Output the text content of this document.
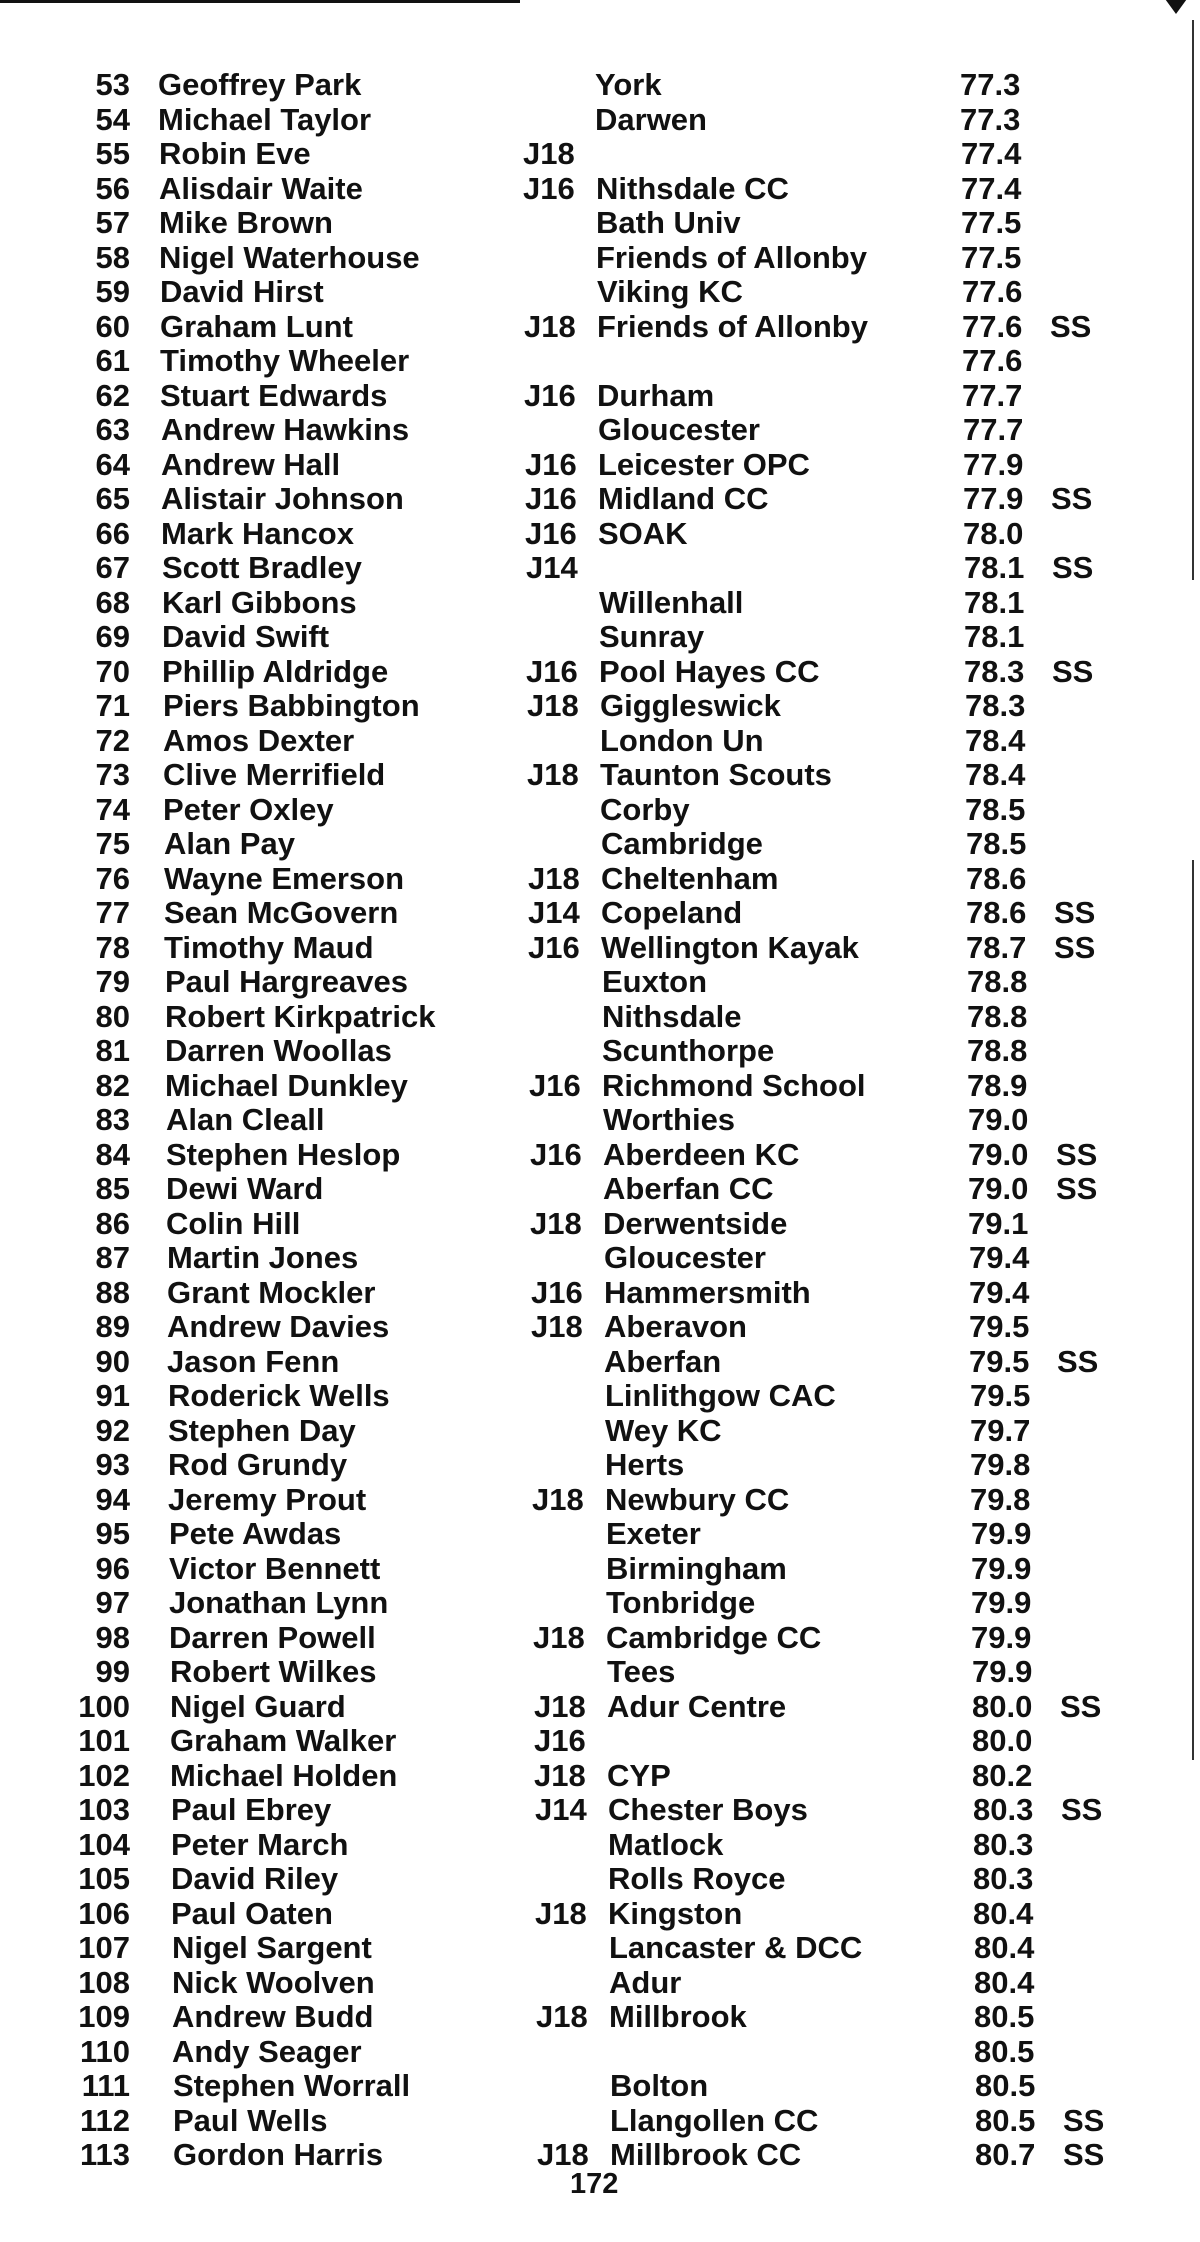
53 Geoffrey Park	York	77.3
54 Michael Taylor	Darwen	77.3
55 Robin Eve	J18	77.4
56 Alisdair Waite	J16 Nithsdale CC	77.4
57 Mike Brown	Bath Univ	77.5
58 Nigel Waterhouse	Friends of Allonby	77.5
59 David Hirst	Viking KC	77.6
60 Graham Lunt	J18 Friends of Allonby	77.6 SS
61 Timothy Wheeler	77.6
62 Stuart Edwards	J16 Durham	77.7
63 Andrew Hawkins	Gloucester	77.7
64 Andrew Hall	J16 Leicester OPC	77.9
65 Alistair Johnson	J16 Midland CC	77.9 SS
66 Mark Hancox	J16 SOAK	78.0
67 Scott Bradley	J14	78.1 SS
68 Karl Gibbons	Willenhall	78.1
69 David Swift	Sunray	78.1
70 Phillip Aldridge	J16 Pool Hayes CC	78.3 SS
71 Piers Babbington	J18 Giggleswick	78.3
72 Amos Dexter	London Un	78.4
73 Clive Merrifield	J18 Taunton Scouts	78.4
74 Peter Oxley	Corby	78.5
75 Alan Pay	Cambridge	78.5
76 Wayne Emerson	J18 Cheltenham	78.6
77 Sean McGovern	J14 Copeland	78.6 SS
78 Timothy Maud	J16 Wellington Kayak	78.7 SS
79 Paul Hargreaves	Euxton	78.8
80 Robert Kirkpatrick	Nithsdale	78.8
81 Darren Woollas	Scunthorpe	78.8
82 Michael Dunkley	J16 Richmond School	78.9
83 Alan Cleall	Worthies	79.0
84 Stephen Heslop	J16 Aberdeen KC	79.0 SS
85 Dewi Ward	Aberfan CC	79.0 SS
86 Colin Hill	J18 Derwentside	79.1
87 Martin Jones	Gloucester	79.4
88 Grant Mockler	J16 Hammersmith	79.4
89 Andrew Davies	J18 Aberavon	79.5
90 Jason Fenn	Aberfan	79.5 SS
91 Roderick Wells	Linlithgow CAC	79.5
92 Stephen Day	Wey KC	79.7
93 Rod Grundy	Herts	79.8
94 Jeremy Prout	J18 Newbury CC	79.8
95 Pete Awdas	Exeter	79.9
96 Victor Bennett	Birmingham	79.9
97 Jonathan Lynn	Tonbridge	79.9
98 Darren Powell	J18 Cambridge CC	79.9
99 Robert Wilkes	Tees	79.9
100 Nigel Guard	J18 Adur Centre	80.0 SS
101 Graham Walker	J16	80.0
102 Michael Holden	J18 CYP	80.2
103 Paul Ebrey	J14 Chester Boys	80.3 SS
104 Peter March	Matlock	80.3
105 David Riley	Rolls Royce	80.3
106 Paul Oaten	J18 Kingston	80.4
107 Nigel Sargent	Lancaster & DCC	80.4
108 Nick Woolven	Adur	80.4
109 Andrew Budd	J18 Millbrook	80.5
110 Andy Seager	80.5
111 Stephen Worrall	Bolton	80.5
112 Paul Wells	Llangollen CC	80.5 SS
113 Gordon Harris	J18 Millbrook CC	80.7 SS
172
